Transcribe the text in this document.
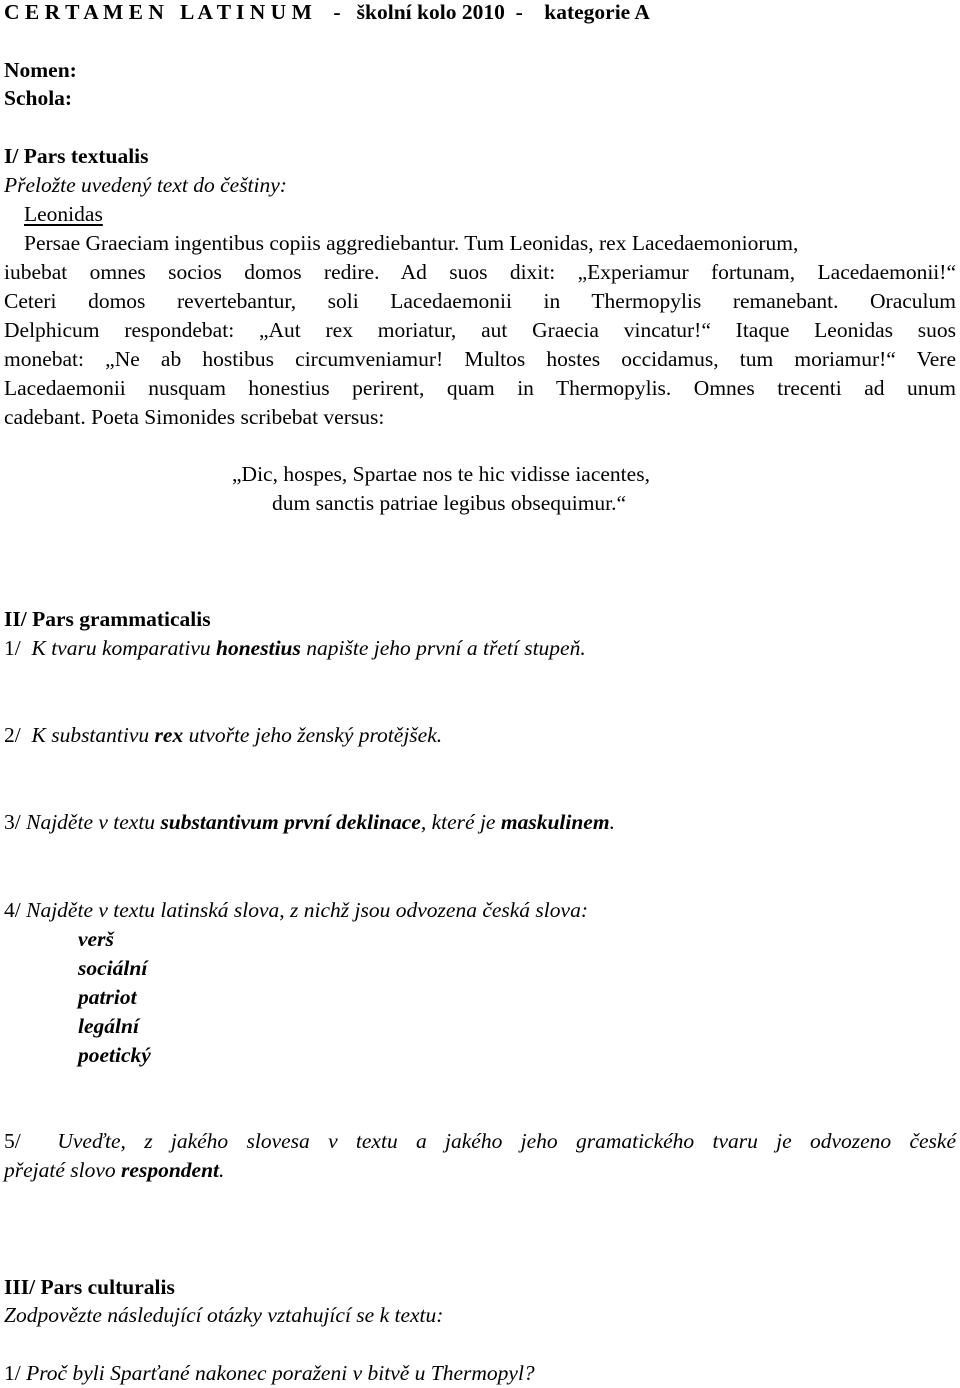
C E R T A M E N   L A T I N U M - školní kolo 2010 - kategorie A
Nomen:
Schola:
I/ Pars textualis
Přeložte uvedený text do češtiny:
Leonidas
Persae Graeciam ingentibus copiis aggrediebantur. Tum Leonidas, rex Lacedaemoniorum,
iubebat omnes socios domos redire. Ad suos dixit: „Experiamur fortunam, Lacedaemonii!“
Ceteri domos revertebantur, soli Lacedaemonii in Thermopylis remanebant. Oraculum
Delphicum respondebat: „Aut rex moriatur, aut Graecia vincatur!“ Itaque Leonidas suos
monebat: „Ne ab hostibus circumveniamur! Multos hostes occidamus, tum moriamur!“ Vere
Lacedaemonii nusquam honestius perirent, quam in Thermopylis. Omnes trecenti ad unum
cadebant. Poeta Simonides scribebat versus:
„Dic, hospes, Spartae nos te hic vidisse iacentes,
dum sanctis patriae legibus obsequimur.“
II/ Pars grammaticalis
1/ K tvaru komparativu honestius napište jeho první a třetí stupeň.
2/ K substantivu rex utvořte jeho ženský protějšek.
3/ Najděte v textu substantivum první deklinace, které je maskulinem.
4/ Najděte v textu latinská slova, z nichž jsou odvozena česká slova:
verš
sociální
patriot
legální
poetický
5/ Uveďte, z jakého slovesa v textu a jakého jeho gramatického tvaru je odvozeno české
přejaté slovo respondent.
III/ Pars culturalis
Zodpovězte následující otázky vztahující se k textu:
1/ Proč byli Sparťané nakonec poraženi v bitvě u Thermopyl?
